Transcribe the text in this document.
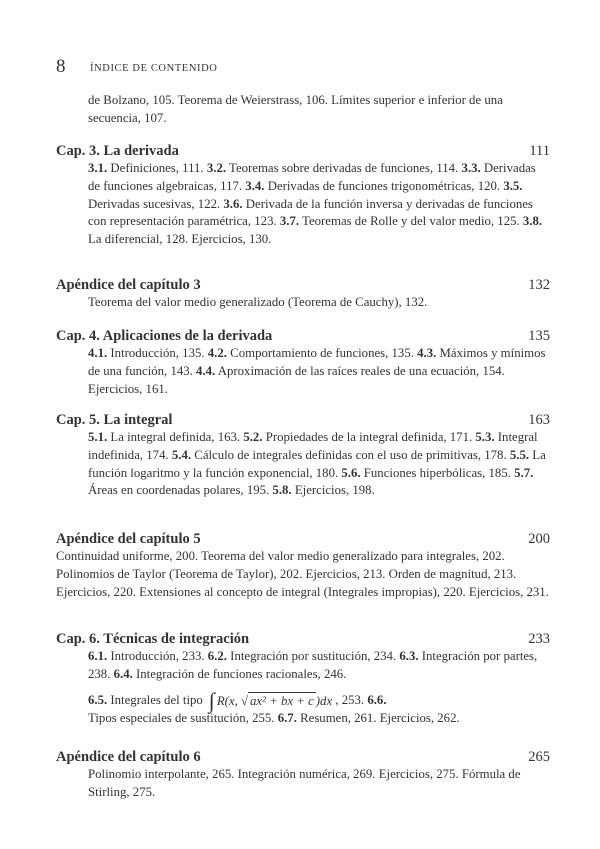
8 ÍNDICE DE CONTENIDO
de Bolzano, 105. Teorema de Weierstrass, 106. Límites superior e inferior de una secuencia, 107.
Cap. 3. La derivada	111
3.1. Definiciones, 111. 3.2. Teoremas sobre derivadas de funciones, 114. 3.3. Derivadas de funciones algebraicas, 117. 3.4. Derivadas de funciones trigonométricas, 120. 3.5. Derivadas sucesivas, 122. 3.6. Derivada de la función inversa y derivadas de funciones con representación paramétrica, 123. 3.7. Teoremas de Rolle y del valor medio, 125. 3.8. La diferencial, 128. Ejercicios, 130.
Apéndice del capítulo 3	132
Teorema del valor medio generalizado (Teorema de Cauchy), 132.
Cap. 4. Aplicaciones de la derivada	135
4.1. Introducción, 135. 4.2. Comportamiento de funciones, 135. 4.3. Máximos y mínimos de una función, 143. 4.4. Aproximación de las raíces reales de una ecuación, 154. Ejercicios, 161.
Cap. 5. La integral	163
5.1. La integral definida, 163. 5.2. Propiedades de la integral definida, 171. 5.3. Integral indefinida, 174. 5.4. Cálculo de integrales definidas con el uso de primitivas, 178. 5.5. La función logaritmo y la función exponencial, 180. 5.6. Funciones hiperbólicas, 185. 5.7. Áreas en coordenadas polares, 195. 5.8. Ejercicios, 198.
Apéndice del capítulo 5	200
Continuidad uniforme, 200. Teorema del valor medio generalizado para integrales, 202. Polinomios de Taylor (Teorema de Taylor), 202. Ejercicios, 213. Orden de magnitud, 213. Ejercicios, 220. Extensiones al concepto de integral (Integrales impropias), 220. Ejercicios, 231.
Cap. 6. Técnicas de integración	233
6.1. Introducción, 233. 6.2. Integración por sustitución, 234. 6.3. Integración por partes, 238. 6.4. Integración de funciones racionales, 246.
6.5. Integrales del tipo ∫ R(x, √ ax² + bx + c )dx , 253. 6.6.
Tipos especiales de sustitución, 255. 6.7. Resumen, 261. Ejercicios, 262.
Apéndice del capítulo 6	265
Polinomio interpolante, 265. Integración numérica, 269. Ejercicios, 275. Fórmula de Stirling, 275.
